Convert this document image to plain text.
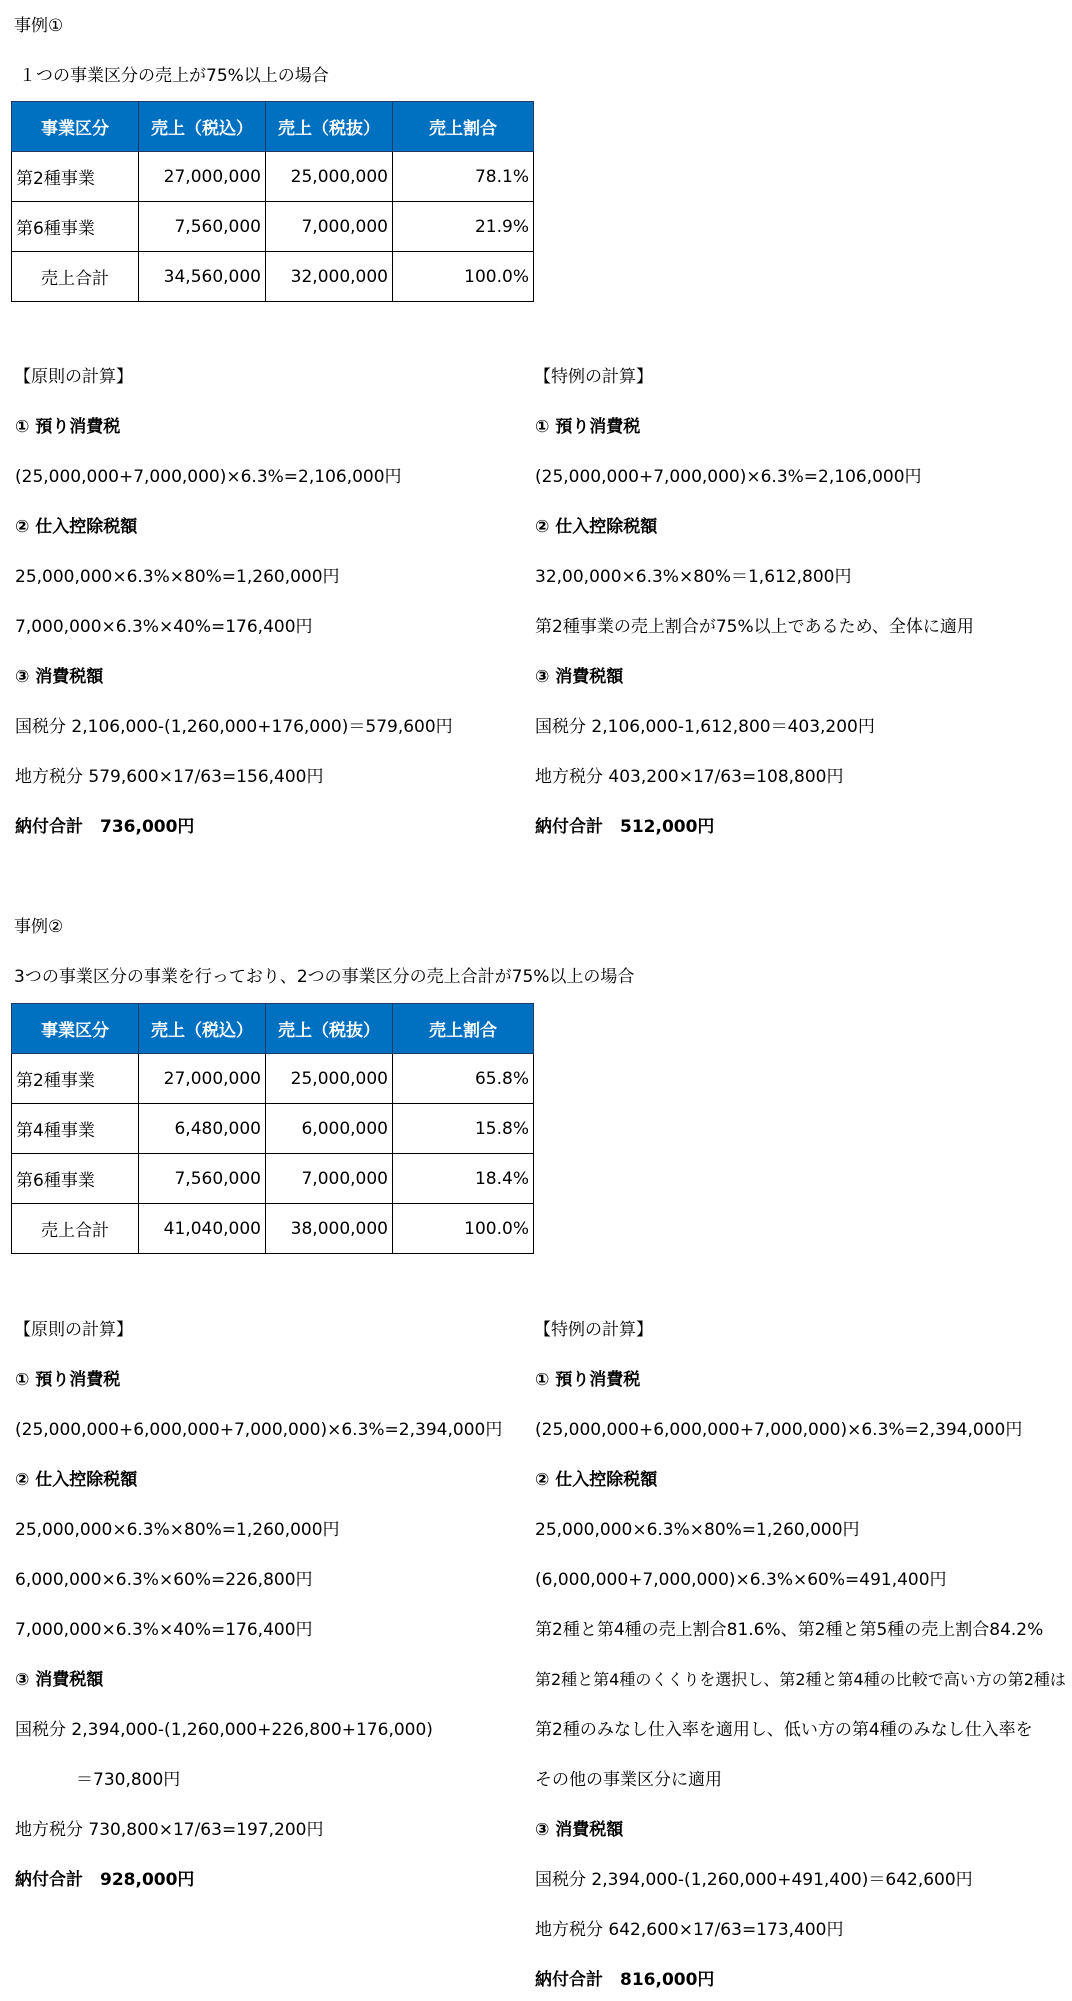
事例①
１つの事業区分の売上が75%以上の場合
事業区分	売上（税込）	売上（税抜）	売上割合
第2種事業	27,000,000	25,000,000	78.1%
第6種事業	7,560,000	7,000,000	21.9%
売上合計	34,560,000	32,000,000	100.0%
【原則の計算】
① 預り消費税
(25,000,000+7,000,000)×6.3%=2,106,000円
② 仕入控除税額
25,000,000×6.3%×80%=1,260,000円
7,000,000×6.3%×40%=176,400円
③ 消費税額
国税分 2,106,000-(1,260,000+176,000)＝579,600円
地方税分 579,600×17/63=156,400円
納付合計　736,000円
【特例の計算】
① 預り消費税
(25,000,000+7,000,000)×6.3%=2,106,000円
② 仕入控除税額
32,00,000×6.3%×80%＝1,612,800円
第2種事業の売上割合が75%以上であるため、全体に適用
③ 消費税額
国税分 2,106,000-1,612,800＝403,200円
地方税分 403,200×17/63=108,800円
納付合計　512,000円
事例②
3つの事業区分の事業を行っており、2つの事業区分の売上合計が75%以上の場合
事業区分	売上（税込）	売上（税抜）	売上割合
第2種事業	27,000,000	25,000,000	65.8%
第4種事業	6,480,000	6,000,000	15.8%
第6種事業	7,560,000	7,000,000	18.4%
売上合計	41,040,000	38,000,000	100.0%
【原則の計算】
① 預り消費税
(25,000,000+6,000,000+7,000,000)×6.3%=2,394,000円
② 仕入控除税額
25,000,000×6.3%×80%=1,260,000円
6,000,000×6.3%×60%=226,800円
7,000,000×6.3%×40%=176,400円
③ 消費税額
国税分 2,394,000-(1,260,000+226,800+176,000)
＝730,800円
地方税分 730,800×17/63=197,200円
納付合計　928,000円
【特例の計算】
① 預り消費税
(25,000,000+6,000,000+7,000,000)×6.3%=2,394,000円
② 仕入控除税額
25,000,000×6.3%×80%=1,260,000円
(6,000,000+7,000,000)×6.3%×60%=491,400円
第2種と第4種の売上割合81.6%、第2種と第5種の売上割合84.2%
第2種と第4種のくくりを選択し、第2種と第4種の比較で高い方の第2種は
第2種のみなし仕入率を適用し、低い方の第4種のみなし仕入率を
その他の事業区分に適用
③ 消費税額
国税分 2,394,000-(1,260,000+491,400)＝642,600円
地方税分 642,600×17/63=173,400円
納付合計　816,000円
